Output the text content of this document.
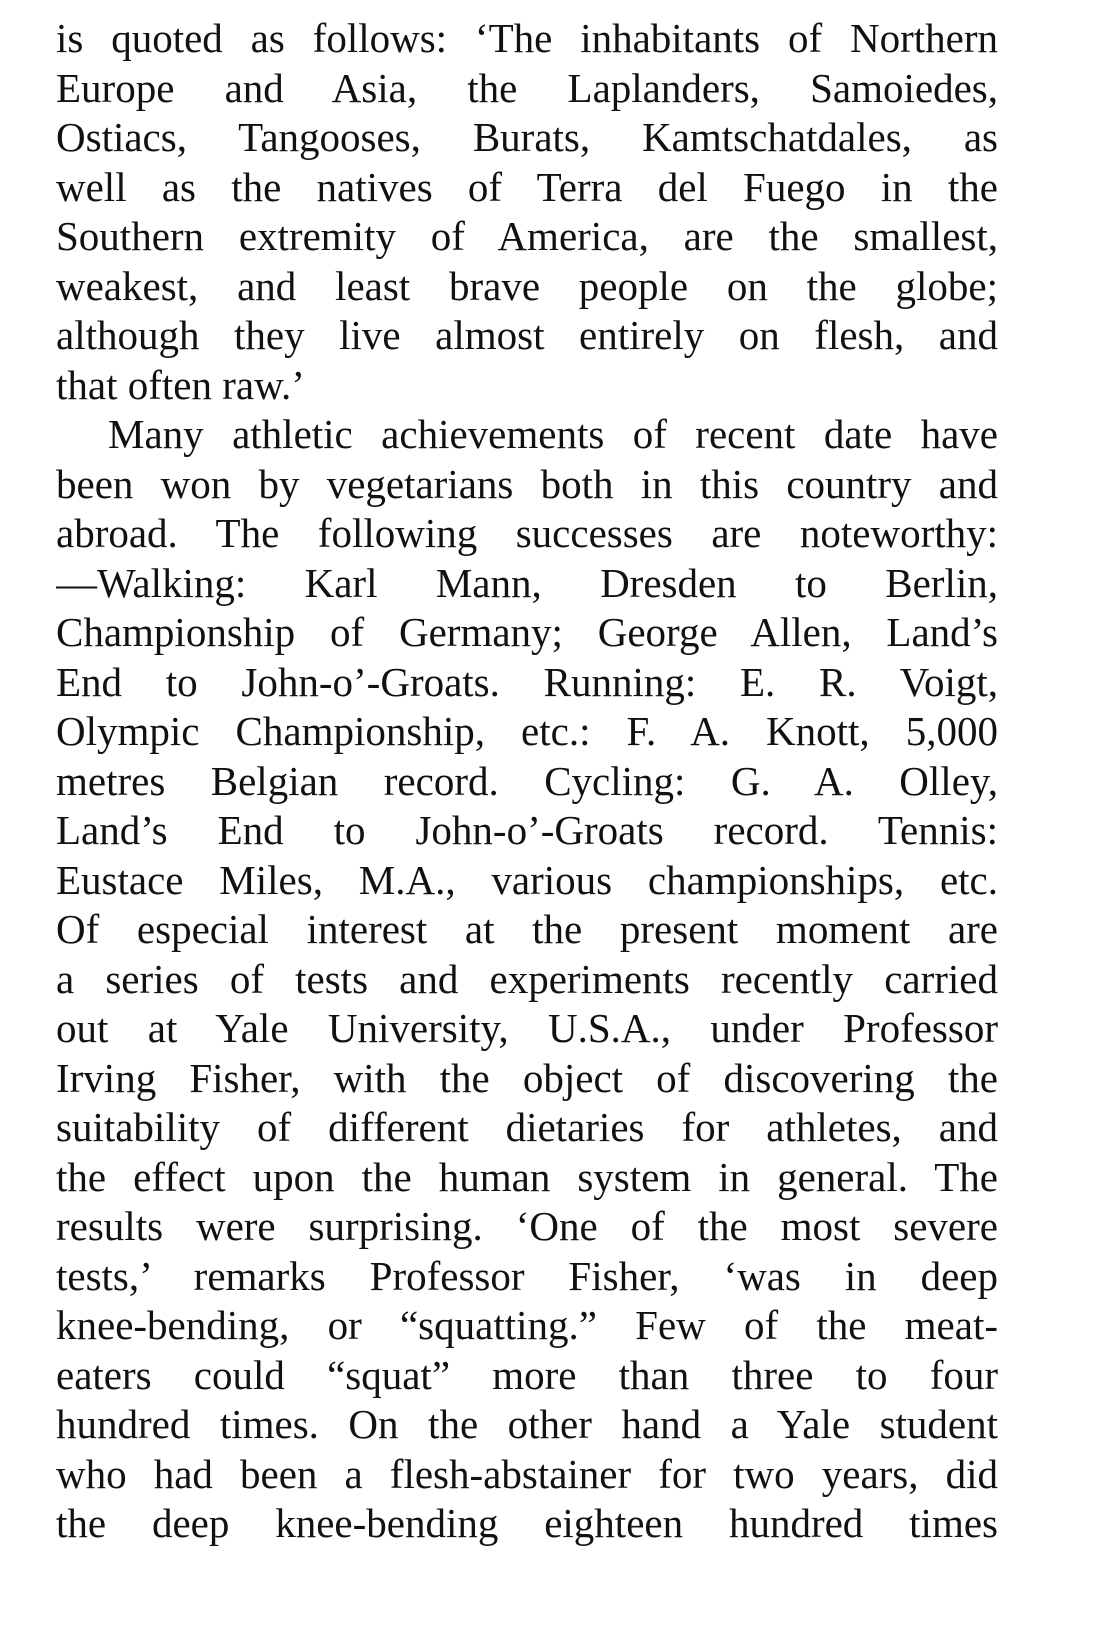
is quoted as follows: ‘The inhabitants of Northern
Europe and Asia, the Laplanders, Samoiedes,
Ostiacs, Tangooses, Burats, Kamtschatdales, as
well as the natives of Terra del Fuego in the
Southern extremity of America, are the smallest,
weakest, and least brave people on the globe;
although they live almost entirely on flesh, and
that often raw.’
Many athletic achievements of recent date have
been won by vegetarians both in this country and
abroad. The following successes are noteworthy:
—Walking: Karl Mann, Dresden to Berlin,
Championship of Germany; George Allen, Land’s
End to John-o’-Groats. Running: E. R. Voigt,
Olympic Championship, etc.: F. A. Knott, 5,000
metres Belgian record. Cycling: G. A. Olley,
Land’s End to John-o’-Groats record. Tennis:
Eustace Miles, M.A., various championships, etc.
Of especial interest at the present moment are
a series of tests and experiments recently carried
out at Yale University, U.S.A., under Professor
Irving Fisher, with the object of discovering the
suitability of different dietaries for athletes, and
the effect upon the human system in general. The
results were surprising. ‘One of the most severe
tests,’ remarks Professor Fisher, ‘was in deep
knee-bending, or “squatting.” Few of the meat-
eaters could “squat” more than three to four
hundred times. On the other hand a Yale student
who had been a flesh-abstainer for two years, did
the deep knee-bending eighteen hundred times
